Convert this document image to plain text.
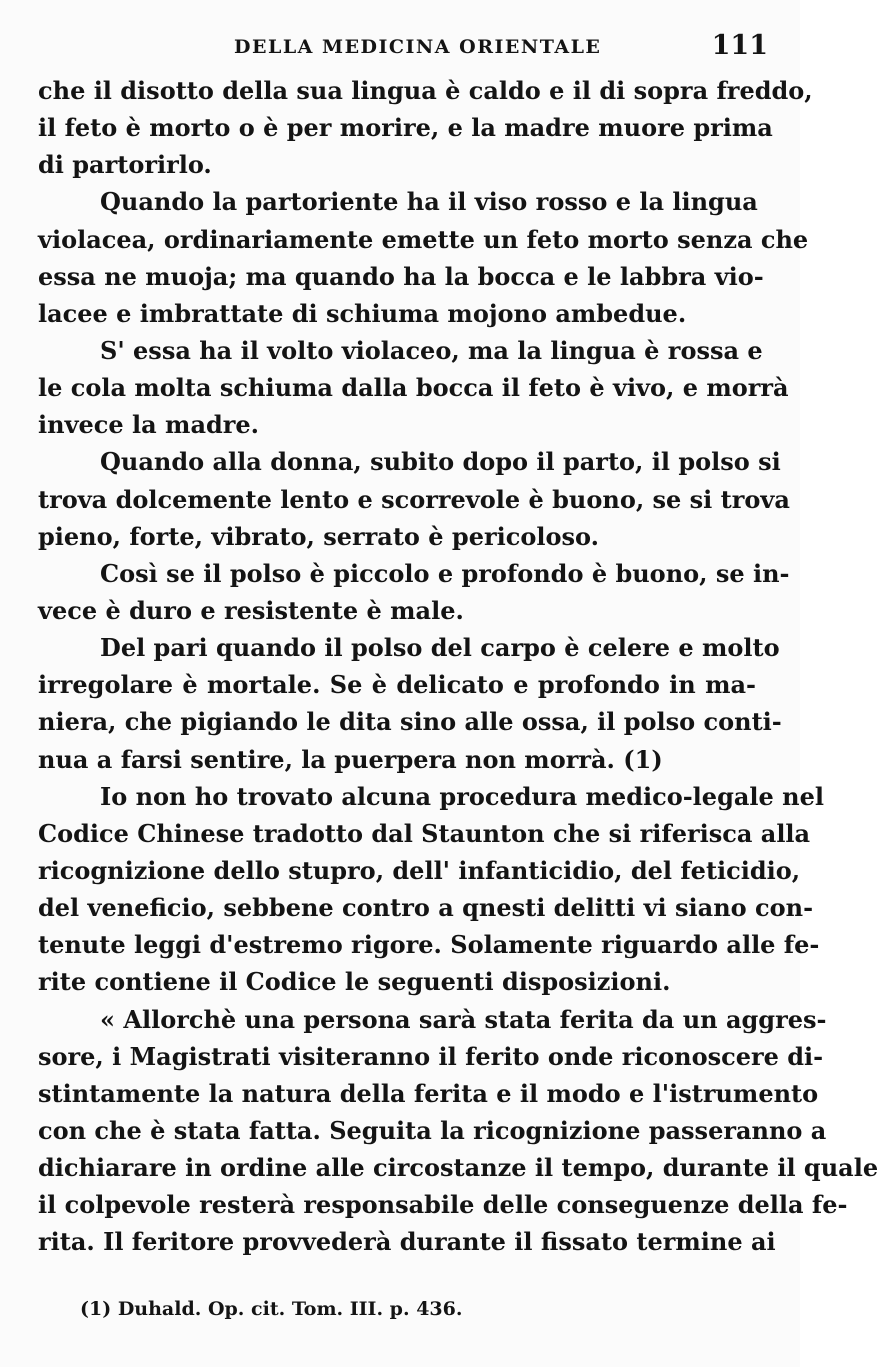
DELLA MEDICINA ORIENTALE	111
che il disotto della sua lingua è caldo e il di sopra freddo,
il feto è morto o è per morire, e la madre muore prima
di partorirlo.
Quando la partoriente ha il viso rosso e la lingua
violacea, ordinariamente emette un feto morto senza che
essa ne muoja; ma quando ha la bocca e le labbra vio-
lacee e imbrattate di schiuma mojono ambedue.
S' essa ha il volto violaceo, ma la lingua è rossa e
le cola molta schiuma dalla bocca il feto è vivo, e morrà
invece la madre.
Quando alla donna, subito dopo il parto, il polso si
trova dolcemente lento e scorrevole è buono, se si trova
pieno, forte, vibrato, serrato è pericoloso.
Così se il polso è piccolo e profondo è buono, se in-
vece è duro e resistente è male.
Del pari quando il polso del carpo è celere e molto
irregolare è mortale. Se è delicato e profondo in ma-
niera, che pigiando le dita sino alle ossa, il polso conti-
nua a farsi sentire, la puerpera non morrà. (1)
Io non ho trovato alcuna procedura medico-legale nel
Codice Chinese tradotto dal Staunton che si riferisca alla
ricognizione dello stupro, dell' infanticidio, del feticidio,
del veneficio, sebbene contro a qnesti delitti vi siano con-
tenute leggi d'estremo rigore. Solamente riguardo alle fe-
rite contiene il Codice le seguenti disposizioni.
« Allorchè una persona sarà stata ferita da un aggres-
sore, i Magistrati visiteranno il ferito onde riconoscere di-
stintamente la natura della ferita e il modo e l'istrumento
con che è stata fatta. Seguita la ricognizione passeranno a
dichiarare in ordine alle circostanze il tempo, durante il quale
il colpevole resterà responsabile delle conseguenze della fe-
rita. Il feritore provvederà durante il fissato termine ai
(1) Duhald. Op. cit. Tom. III. p. 436.
